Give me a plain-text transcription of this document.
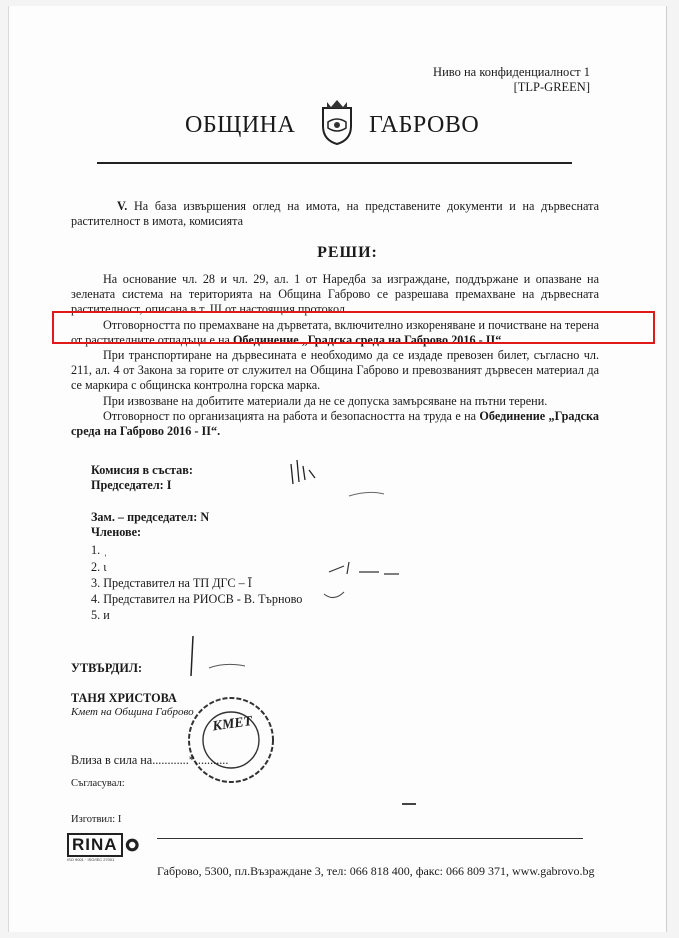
Ниво на конфиденциалност 1
[TLP-GREEN]
ОБЩИНА	ГАБРОВО

V. На база извършения оглед на имота, на представените документи и на дървесната растителност в имота, комисията

РЕШИ:

На основание чл. 28 и чл. 29, ал. 1 от Наредба за изграждане, поддържане и опазване на зелената система на територията на Община Габрово се разрешава премахване на дървесната растителност, описана в т. III от настоящия протокол.

Отговорността по премахване на дърветата, включително изкореняване и почистване на терена от растителните отпадъци е на Обединение „Градска среда на Габрово 2016 - II“.

При транспортиране на дървесината е необходимо да се издаде превозен билет, съгласно чл. 211, ал. 4 от Закона за горите от служител на Община Габрово и превозваният дървесен материал да се маркира с общинска контролна горска марка.

При извозване на добитите материали да не се допуска замърсяване на пътни терени.

Отговорност по организацията на работа и безопасността на труда е на Обединение „Градска среда на Габрово 2016 - II“.

Комисия в състав:
Председател: І
Зам. – председател: N
Членове:
1. ˌ
2. ι
3. Представител на ТП ДГС – Ī
4. Представител на РИОСВ - В. Търново
5. и
УТВЪРДИЛ:
ТАНЯ ХРИСТОВА
Кмет на Община Габрово
КМЕТ
Влиза в сила на............*...........
Съгласувал:
Изготвил: І
RINA
ISO 9001 · ISO/IEC 27001
Габрово, 5300, пл.Възраждане 3, тел: 066 818 400, факс: 066 809 371, www.gabrovo.bg
